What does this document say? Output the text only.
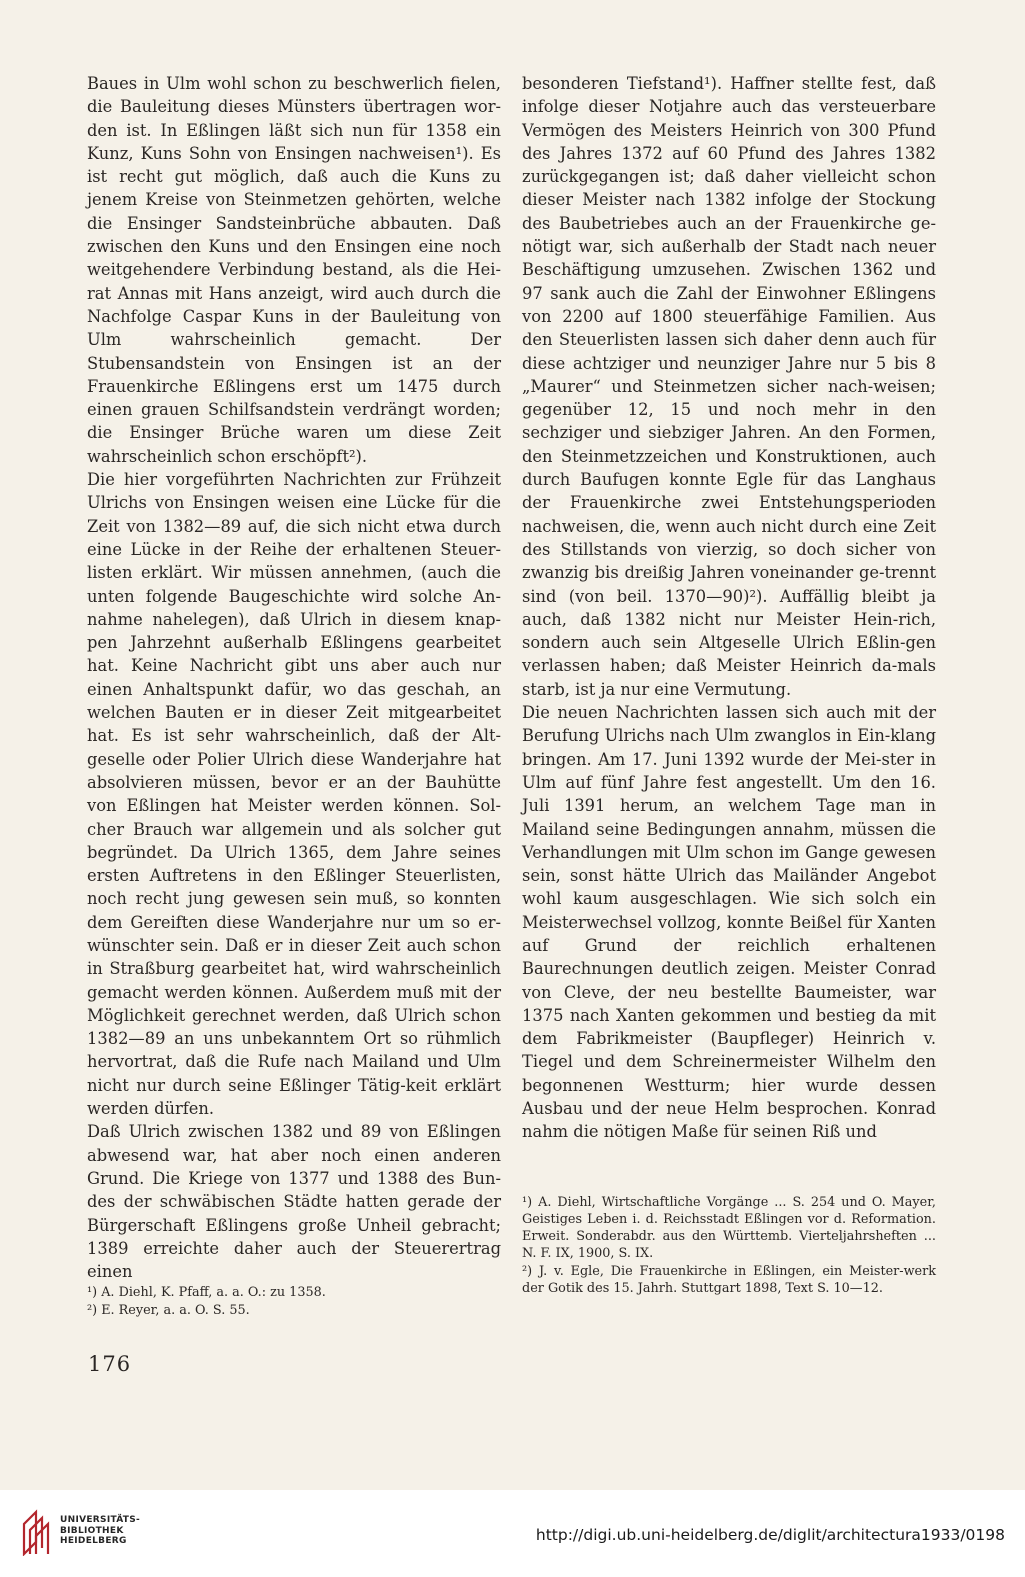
Baues in Ulm wohl schon zu beschwerlich fielen, die Bauleitung dieses Münsters übertragen wor-den ist. In Eßlingen läßt sich nun für 1358 ein Kunz, Kuns Sohn von Ensingen nachweisen¹). Es ist recht gut möglich, daß auch die Kuns zu jenem Kreise von Steinmetzen gehörten, welche die Ensinger Sandsteinbrüche abbauten. Daß zwischen den Kuns und den Ensingen eine noch weitgehendere Verbindung bestand, als die Hei-rat Annas mit Hans anzeigt, wird auch durch die Nachfolge Caspar Kuns in der Bauleitung von Ulm wahrscheinlich gemacht. Der Stubensandstein von Ensingen ist an der Frauenkirche Eßlingens erst um 1475 durch einen grauen Schilfsandstein verdrängt worden; die Ensinger Brüche waren um diese Zeit wahrscheinlich schon erschöpft²).

Die hier vorgeführten Nachrichten zur Frühzeit Ulrichs von Ensingen weisen eine Lücke für die Zeit von 1382—89 auf, die sich nicht etwa durch eine Lücke in der Reihe der erhaltenen Steuer-listen erklärt. Wir müssen annehmen, (auch die unten folgende Baugeschichte wird solche An-nahme nahelegen), daß Ulrich in diesem knap-pen Jahrzehnt außerhalb Eßlingens gearbeitet hat. Keine Nachricht gibt uns aber auch nur einen Anhaltspunkt dafür, wo das geschah, an welchen Bauten er in dieser Zeit mitgearbeitet hat. Es ist sehr wahrscheinlich, daß der Alt-geselle oder Polier Ulrich diese Wanderjahre hat absolvieren müssen, bevor er an der Bauhütte von Eßlingen hat Meister werden können. Sol-cher Brauch war allgemein und als solcher gut begründet. Da Ulrich 1365, dem Jahre seines ersten Auftretens in den Eßlinger Steuerlisten, noch recht jung gewesen sein muß, so konnten dem Gereiften diese Wanderjahre nur um so er-wünschter sein. Daß er in dieser Zeit auch schon in Straßburg gearbeitet hat, wird wahrscheinlich gemacht werden können. Außerdem muß mit der Möglichkeit gerechnet werden, daß Ulrich schon 1382—89 an uns unbekanntem Ort so rühmlich hervortrat, daß die Rufe nach Mailand und Ulm nicht nur durch seine Eßlinger Tätig-keit erklärt werden dürfen.

Daß Ulrich zwischen 1382 und 89 von Eßlingen abwesend war, hat aber noch einen anderen Grund. Die Kriege von 1377 und 1388 des Bun-des der schwäbischen Städte hatten gerade der Bürgerschaft Eßlingens große Unheil gebracht; 1389 erreichte daher auch der Steuerertrag einen

¹) A. Diehl, K. Pfaff, a. a. O.: zu 1358.

²) E. Reyer, a. a. O. S. 55.

besonderen Tiefstand¹). Haffner stellte fest, daß infolge dieser Notjahre auch das versteuerbare Vermögen des Meisters Heinrich von 300 Pfund des Jahres 1372 auf 60 Pfund des Jahres 1382 zurückgegangen ist; daß daher vielleicht schon dieser Meister nach 1382 infolge der Stockung des Baubetriebes auch an der Frauenkirche ge-nötigt war, sich außerhalb der Stadt nach neuer Beschäftigung umzusehen. Zwischen 1362 und 97 sank auch die Zahl der Einwohner Eßlingens von 2200 auf 1800 steuerfähige Familien. Aus den Steuerlisten lassen sich daher denn auch für diese achtziger und neunziger Jahre nur 5 bis 8 „Maurer“ und Steinmetzen sicher nach-weisen; gegenüber 12, 15 und noch mehr in den sechziger und siebziger Jahren. An den Formen, den Steinmetzzeichen und Konstruktionen, auch durch Baufugen konnte Egle für das Langhaus der Frauenkirche zwei Entstehungsperioden nachweisen, die, wenn auch nicht durch eine Zeit des Stillstands von vierzig, so doch sicher von zwanzig bis dreißig Jahren voneinander ge-trennt sind (von beil. 1370—90)²). Auffällig bleibt ja auch, daß 1382 nicht nur Meister Hein-rich, sondern auch sein Altgeselle Ulrich Eßlin-gen verlassen haben; daß Meister Heinrich da-mals starb, ist ja nur eine Vermutung.

Die neuen Nachrichten lassen sich auch mit der Berufung Ulrichs nach Ulm zwanglos in Ein-klang bringen. Am 17. Juni 1392 wurde der Mei-ster in Ulm auf fünf Jahre fest angestellt. Um den 16. Juli 1391 herum, an welchem Tage man in Mailand seine Bedingungen annahm, müssen die Verhandlungen mit Ulm schon im Gange gewesen sein, sonst hätte Ulrich das Mailänder Angebot wohl kaum ausgeschlagen. Wie sich solch ein Meisterwechsel vollzog, konnte Beißel für Xanten auf Grund der reichlich erhaltenen Baurechnungen deutlich zeigen. Meister Conrad von Cleve, der neu bestellte Baumeister, war 1375 nach Xanten gekommen und bestieg da mit dem Fabrikmeister (Baupfleger) Heinrich v. Tiegel und dem Schreinermeister Wilhelm den begonnenen Westturm; hier wurde dessen Ausbau und der neue Helm besprochen. Konrad nahm die nötigen Maße für seinen Riß und

¹) A. Diehl, Wirtschaftliche Vorgänge ... S. 254 und O. Mayer, Geistiges Leben i. d. Reichsstadt Eßlingen vor d. Reformation. Erweit. Sonderabdr. aus den Württemb. Vierteljahrsheften ... N. F. IX, 1900, S. IX.

²) J. v. Egle, Die Frauenkirche in Eßlingen, ein Meister-werk der Gotik des 15. Jahrh. Stuttgart 1898, Text S. 10—12.

176
UNIVERSITÄTS-
BIBLIOTHEK
HEIDELBERG	http://digi.ub.uni-heidelberg.de/diglit/architectura1933/0198
